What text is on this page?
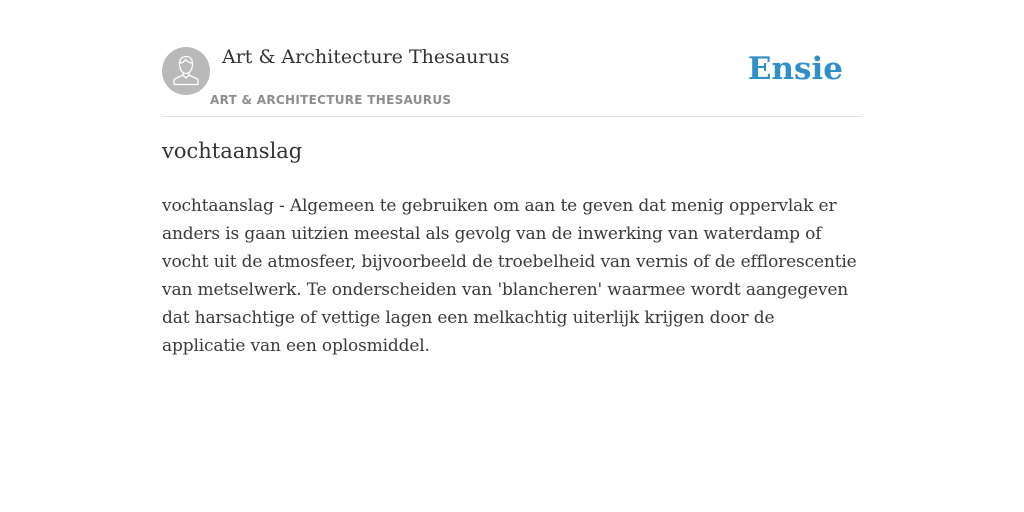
Art & Architecture Thesaurus
ART & ARCHITECTURE THESAURUS
Ensie
vochtaanslag

vochtaanslag - Algemeen te gebruiken om aan te geven dat menig oppervlak er anders is gaan uitzien meestal als gevolg van de inwerking van waterdamp of vocht uit de atmosfeer, bijvoorbeeld de troebelheid van vernis of de efflorescentie van metselwerk. Te onderscheiden van 'blancheren' waarmee wordt aangegeven dat harsachtige of vettige lagen een melkachtig uiterlijk krijgen door de applicatie van een oplosmiddel.
